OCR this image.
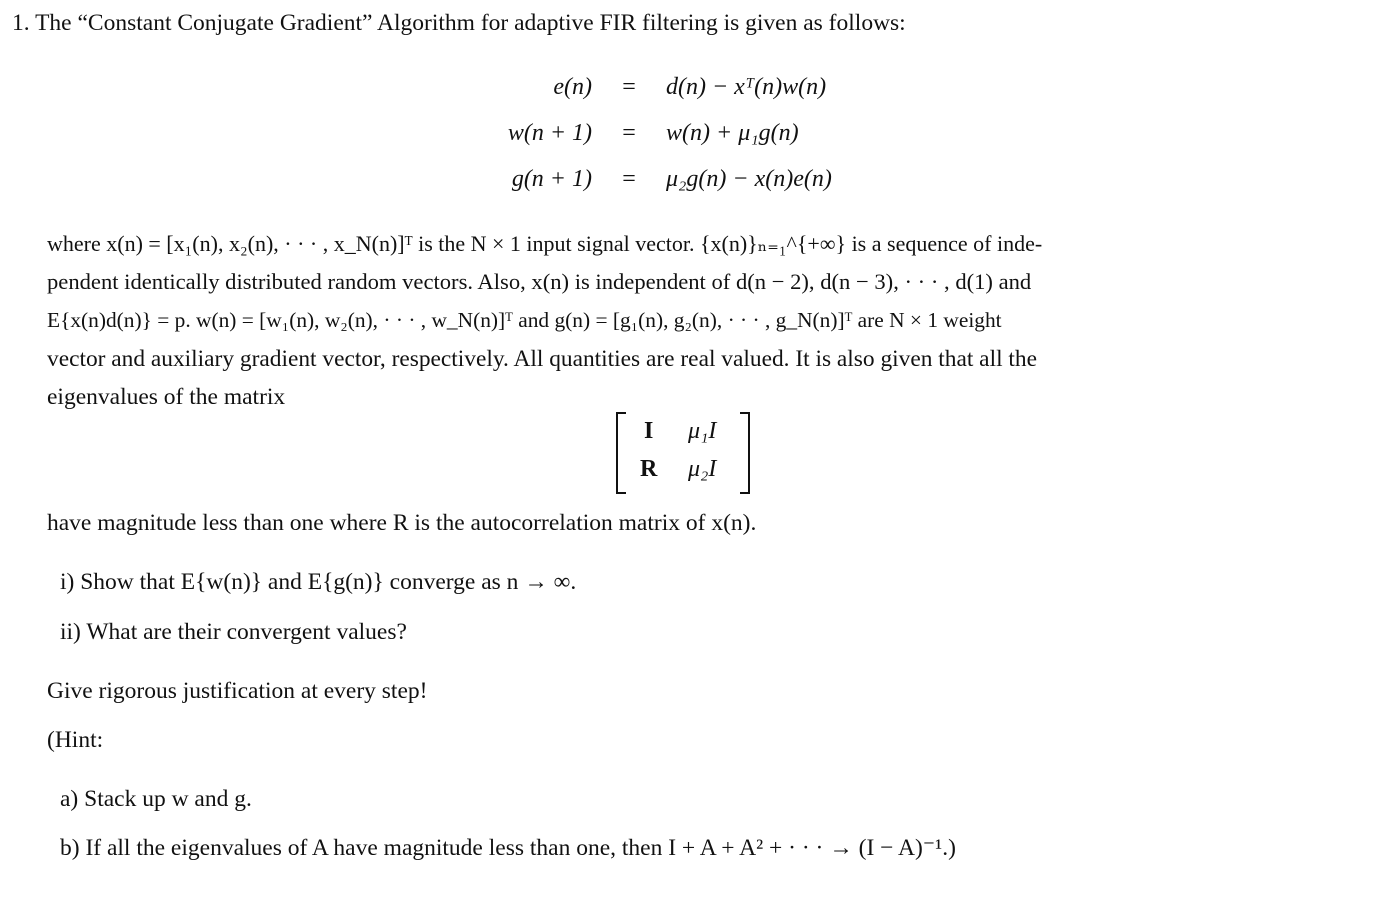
1. The “Constant Conjugate Gradient” Algorithm for adaptive FIR filtering is given as follows:
e(n)	=	d(n) − xᵀ(n)w(n)
w(n + 1)	=	w(n) + μ₁g(n)
g(n + 1)	=	μ₂g(n) − x(n)e(n)
where x(n) = [x₁(n), x₂(n), · · · , x_N(n)]ᵀ is the N × 1 input signal vector. {x(n)}ₙ₌₁^{+∞} is a sequence of inde-
pendent identically distributed random vectors. Also, x(n) is independent of d(n − 2), d(n − 3), · · · , d(1) and
E{x(n)d(n)} = p. w(n) = [w₁(n), w₂(n), · · · , w_N(n)]ᵀ and g(n) = [g₁(n), g₂(n), · · · , g_N(n)]ᵀ are N × 1 weight
vector and auxiliary gradient vector, respectively. All quantities are real valued. It is also given that all the
eigenvalues of the matrix
I μ₁I
R μ₂I
have magnitude less than one where R is the autocorrelation matrix of x(n).
i) Show that E{w(n)} and E{g(n)} converge as n → ∞.
ii) What are their convergent values?
Give rigorous justification at every step!
(Hint:
a) Stack up w and g.
b) If all the eigenvalues of A have magnitude less than one, then I + A + A² + · · · → (I − A)⁻¹.)
